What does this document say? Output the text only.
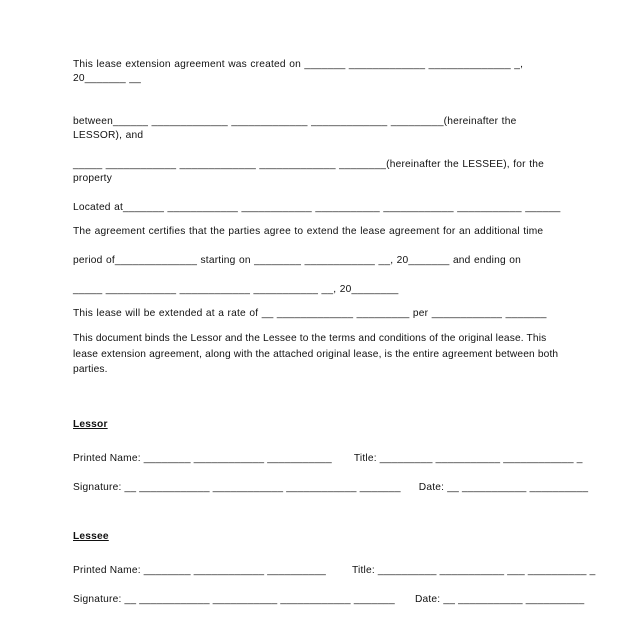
This lease extension agreement was created on _______ _____________ ______________ _, 20_______ __
between______ _____________ _____________ _____________ _________(hereinafter the LESSOR), and
_____ ____________ _____________ _____________ ________(hereinafter the LESSEE), for the property
Located at_______ ____________ ____________ ___________ ____________ ___________ ______
The agreement certifies that the parties agree to extend the lease agreement for an additional time
period of______________ starting on ________ ____________ __, 20_______ and ending on
_____ ____________ ____________ ___________ __, 20________
This lease will be extended at a rate of __ _____________ _________ per ____________ _______
This document binds the Lessor and the Lessee to the terms and conditions of the original lease. This lease extension agreement, along with the attached original lease, is the entire agreement between both parties.
Lessor
Printed Name: ________ ____________ ___________ Title: _________ ___________ ____________ _
Signature: __ ____________ ____________ ____________ _______ Date: __ ___________ __________
Lessee
Printed Name: ________ ____________ __________	Title: __________ ___________ ___ __________ _
Signature: __ ____________ ___________ ____________ _______ Date: __ ___________ __________
